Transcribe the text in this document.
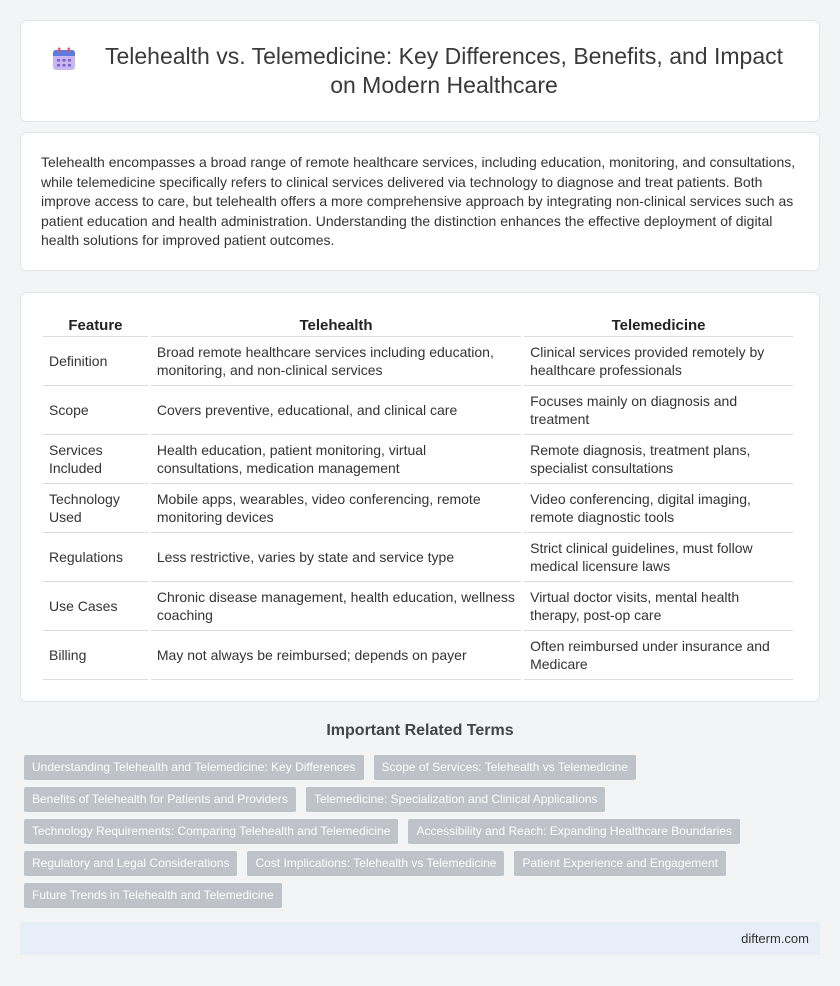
Telehealth vs. Telemedicine: Key Differences, Benefits, and Impact on Modern Healthcare

Telehealth encompasses a broad range of remote healthcare services, including education, monitoring, and consultations, while telemedicine specifically refers to clinical services delivered via technology to diagnose and treat patients. Both improve access to care, but telehealth offers a more comprehensive approach by integrating non-clinical services such as patient education and health administration. Understanding the distinction enhances the effective deployment of digital health solutions for improved patient outcomes.

Feature	Telehealth	Telemedicine
Definition	Broad remote healthcare services including education, monitoring, and non-clinical services	Clinical services provided remotely by healthcare professionals
Scope	Covers preventive, educational, and clinical care	Focuses mainly on diagnosis and treatment
Services Included	Health education, patient monitoring, virtual consultations, medication management	Remote diagnosis, treatment plans, specialist consultations
Technology Used	Mobile apps, wearables, video conferencing, remote monitoring devices	Video conferencing, digital imaging, remote diagnostic tools
Regulations	Less restrictive, varies by state and service type	Strict clinical guidelines, must follow medical licensure laws
Use Cases	Chronic disease management, health education, wellness coaching	Virtual doctor visits, mental health therapy, post-op care
Billing	May not always be reimbursed; depends on payer	Often reimbursed under insurance and Medicare
Important Related Terms
Understanding Telehealth and Telemedicine: Key Differences	Scope of Services: Telehealth vs Telemedicine
Benefits of Telehealth for Patients and Providers	Telemedicine: Specialization and Clinical Applications
Technology Requirements: Comparing Telehealth and Telemedicine	Accessibility and Reach: Expanding Healthcare Boundaries
Regulatory and Legal Considerations	Cost Implications: Telehealth vs Telemedicine	Patient Experience and Engagement
Future Trends in Telehealth and Telemedicine
difterm.com
